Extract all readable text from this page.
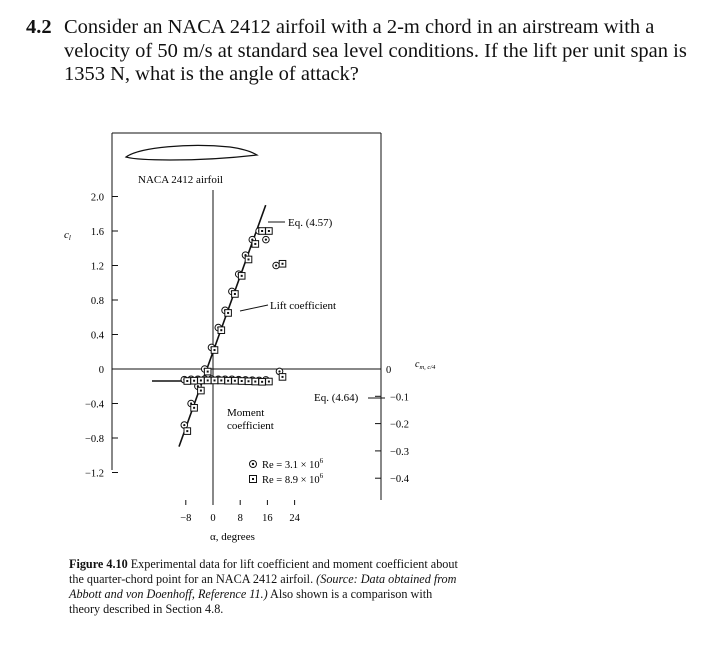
4.2 Consider an NACA 2412 airfoil with a 2-m chord in an airstream with a velocity of 50 m/s at standard sea level conditions. If the lift per unit span is 1353 N, what is the angle of attack?
NACA 2412 airfoil
cl
$c_{m, c/4}$
2.0
1.6
1.2
0.8
0.4
0
−0.4
−0.8
−1.2
0
−0.1
−0.2
−0.3
−0.4
−8 0 8 16 24
α, degrees
Eq. (4.57)
Lift coefficient
Moment
coefficient
Eq. (4.64)
$Re = 3.1 \times 10^6$
$Re = 8.9 \times 10^6$
Figure 4.10 Experimental data for lift coefficient and moment coefficient about the quarter-chord point for an NACA 2412 airfoil. (Source: Data obtained from Abbott and von Doenhoff, Reference 11.) Also shown is a comparison with theory described in Section 4.8.
